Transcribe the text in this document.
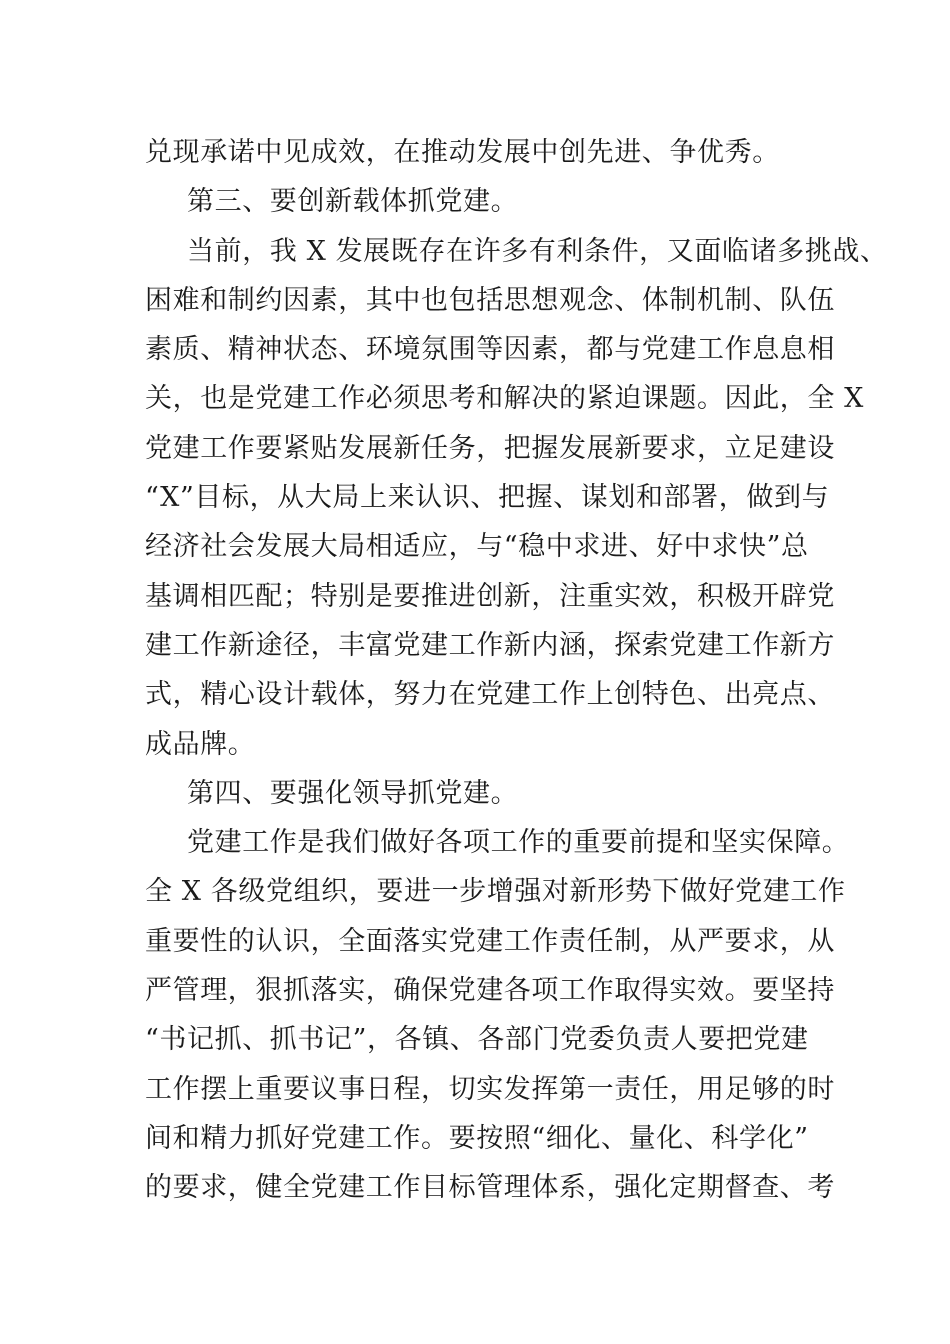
兑现承诺中见成效，在推动发展中创先进、争优秀。
第三、要创新载体抓党建。
当前，我 X 发展既存在许多有利条件，又面临诸多挑战、
困难和制约因素，其中也包括思想观念、体制机制、队伍
素质、精神状态、环境氛围等因素，都与党建工作息息相
关，也是党建工作必须思考和解决的紧迫课题。因此，全 X
党建工作要紧贴发展新任务，把握发展新要求，立足建设
“X”目标，从大局上来认识、把握、谋划和部署，做到与
经济社会发展大局相适应，与“稳中求进、好中求快”总
基调相匹配；特别是要推进创新，注重实效，积极开辟党
建工作新途径，丰富党建工作新内涵，探索党建工作新方
式，精心设计载体，努力在党建工作上创特色、出亮点、
成品牌。
第四、要强化领导抓党建。
党建工作是我们做好各项工作的重要前提和坚实保障。
全 X 各级党组织，要进一步增强对新形势下做好党建工作
重要性的认识，全面落实党建工作责任制，从严要求，从
严管理，狠抓落实，确保党建各项工作取得实效。要坚持
“书记抓、抓书记”，各镇、各部门党委负责人要把党建
工作摆上重要议事日程，切实发挥第一责任，用足够的时
间和精力抓好党建工作。要按照“细化、量化、科学化”
的要求，健全党建工作目标管理体系，强化定期督查、考
